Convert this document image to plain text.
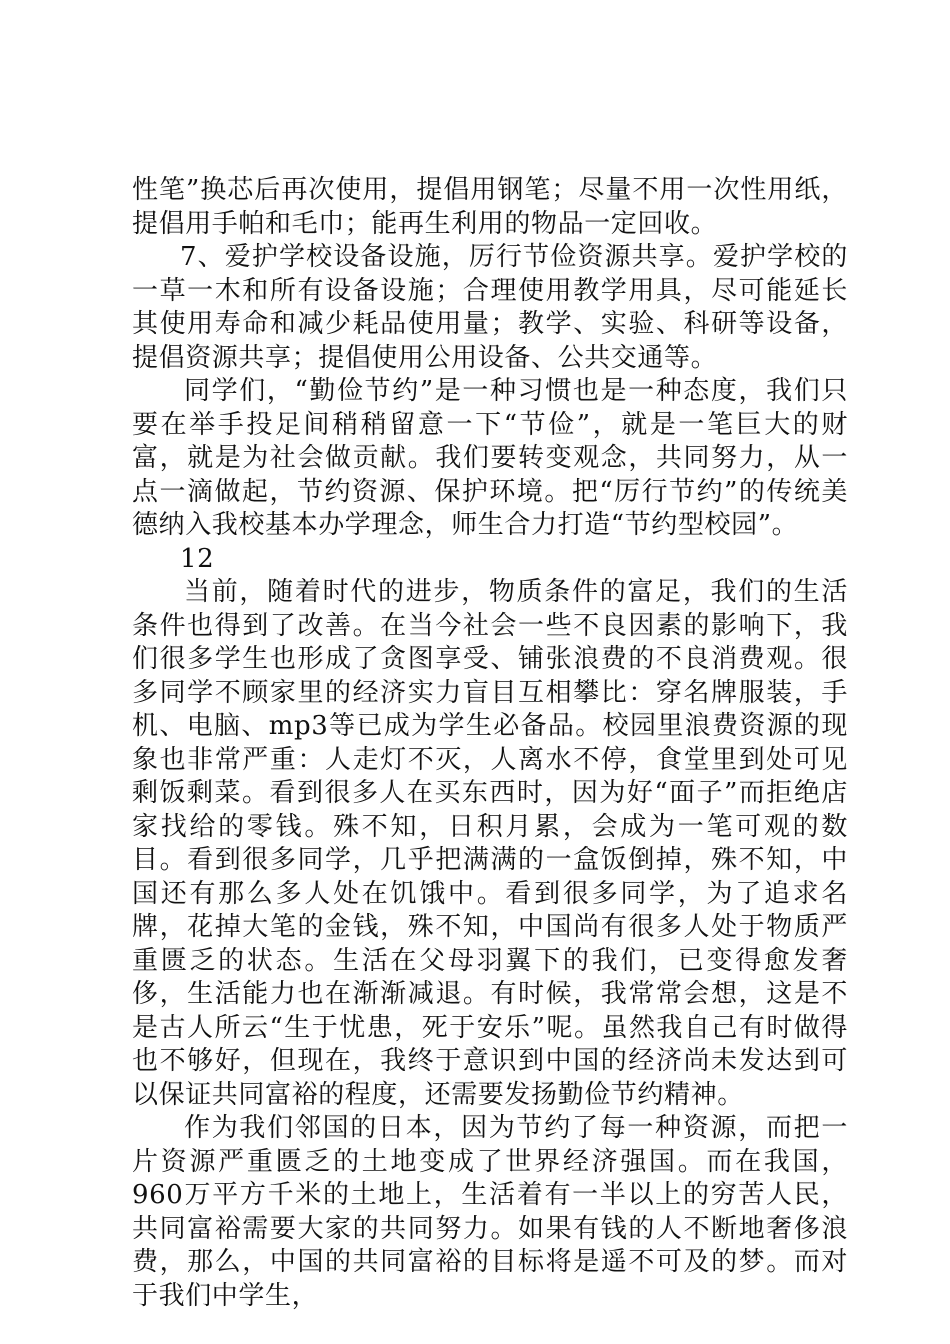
性笔”换芯后再次使用，提倡用钢笔；尽量不用一次性用纸，提倡用手帕和毛巾；能再生利用的物品一定回收。

7、爱护学校设备设施，厉行节俭资源共享。爱护学校的一草一木和所有设备设施；合理使用教学用具，尽可能延长其使用寿命和减少耗品使用量；教学、实验、科研等设备，提倡资源共享；提倡使用公用设备、公共交通等。

同学们，“勤俭节约”是一种习惯也是一种态度，我们只要在举手投足间稍稍留意一下“节俭”，就是一笔巨大的财富，就是为社会做贡献。我们要转变观念，共同努力，从一点一滴做起，节约资源、保护环境。把“厉行节约”的传统美德纳入我校基本办学理念，师生合力打造“节约型校园”。

12

当前，随着时代的进步，物质条件的富足，我们的生活条件也得到了改善。在当今社会一些不良因素的影响下，我们很多学生也形成了贪图享受、铺张浪费的不良消费观。很多同学不顾家里的经济实力盲目互相攀比：穿名牌服装，手机、电脑、mp3等已成为学生必备品。校园里浪费资源的现象也非常严重：人走灯不灭，人离水不停，食堂里到处可见剩饭剩菜。看到很多人在买东西时，因为好“面子”而拒绝店家找给的零钱。殊不知，日积月累，会成为一笔可观的数目。看到很多同学，几乎把满满的一盒饭倒掉，殊不知，中国还有那么多人处在饥饿中。看到很多同学，为了追求名牌，花掉大笔的金钱，殊不知，中国尚有很多人处于物质严重匮乏的状态。生活在父母羽翼下的我们，已变得愈发奢侈，生活能力也在渐渐减退。有时候，我常常会想，这是不是古人所云“生于忧患，死于安乐”呢。虽然我自己有时做得也不够好，但现在，我终于意识到中国的经济尚未发达到可以保证共同富裕的程度，还需要发扬勤俭节约精神。

作为我们邻国的日本，因为节约了每一种资源，而把一片资源严重匮乏的土地变成了世界经济强国。而在我国，960万平方千米的土地上，生活着有一半以上的穷苦人民，共同富裕需要大家的共同努力。如果有钱的人不断地奢侈浪费，那么，中国的共同富裕的目标将是遥不可及的梦。而对于我们中学生，
